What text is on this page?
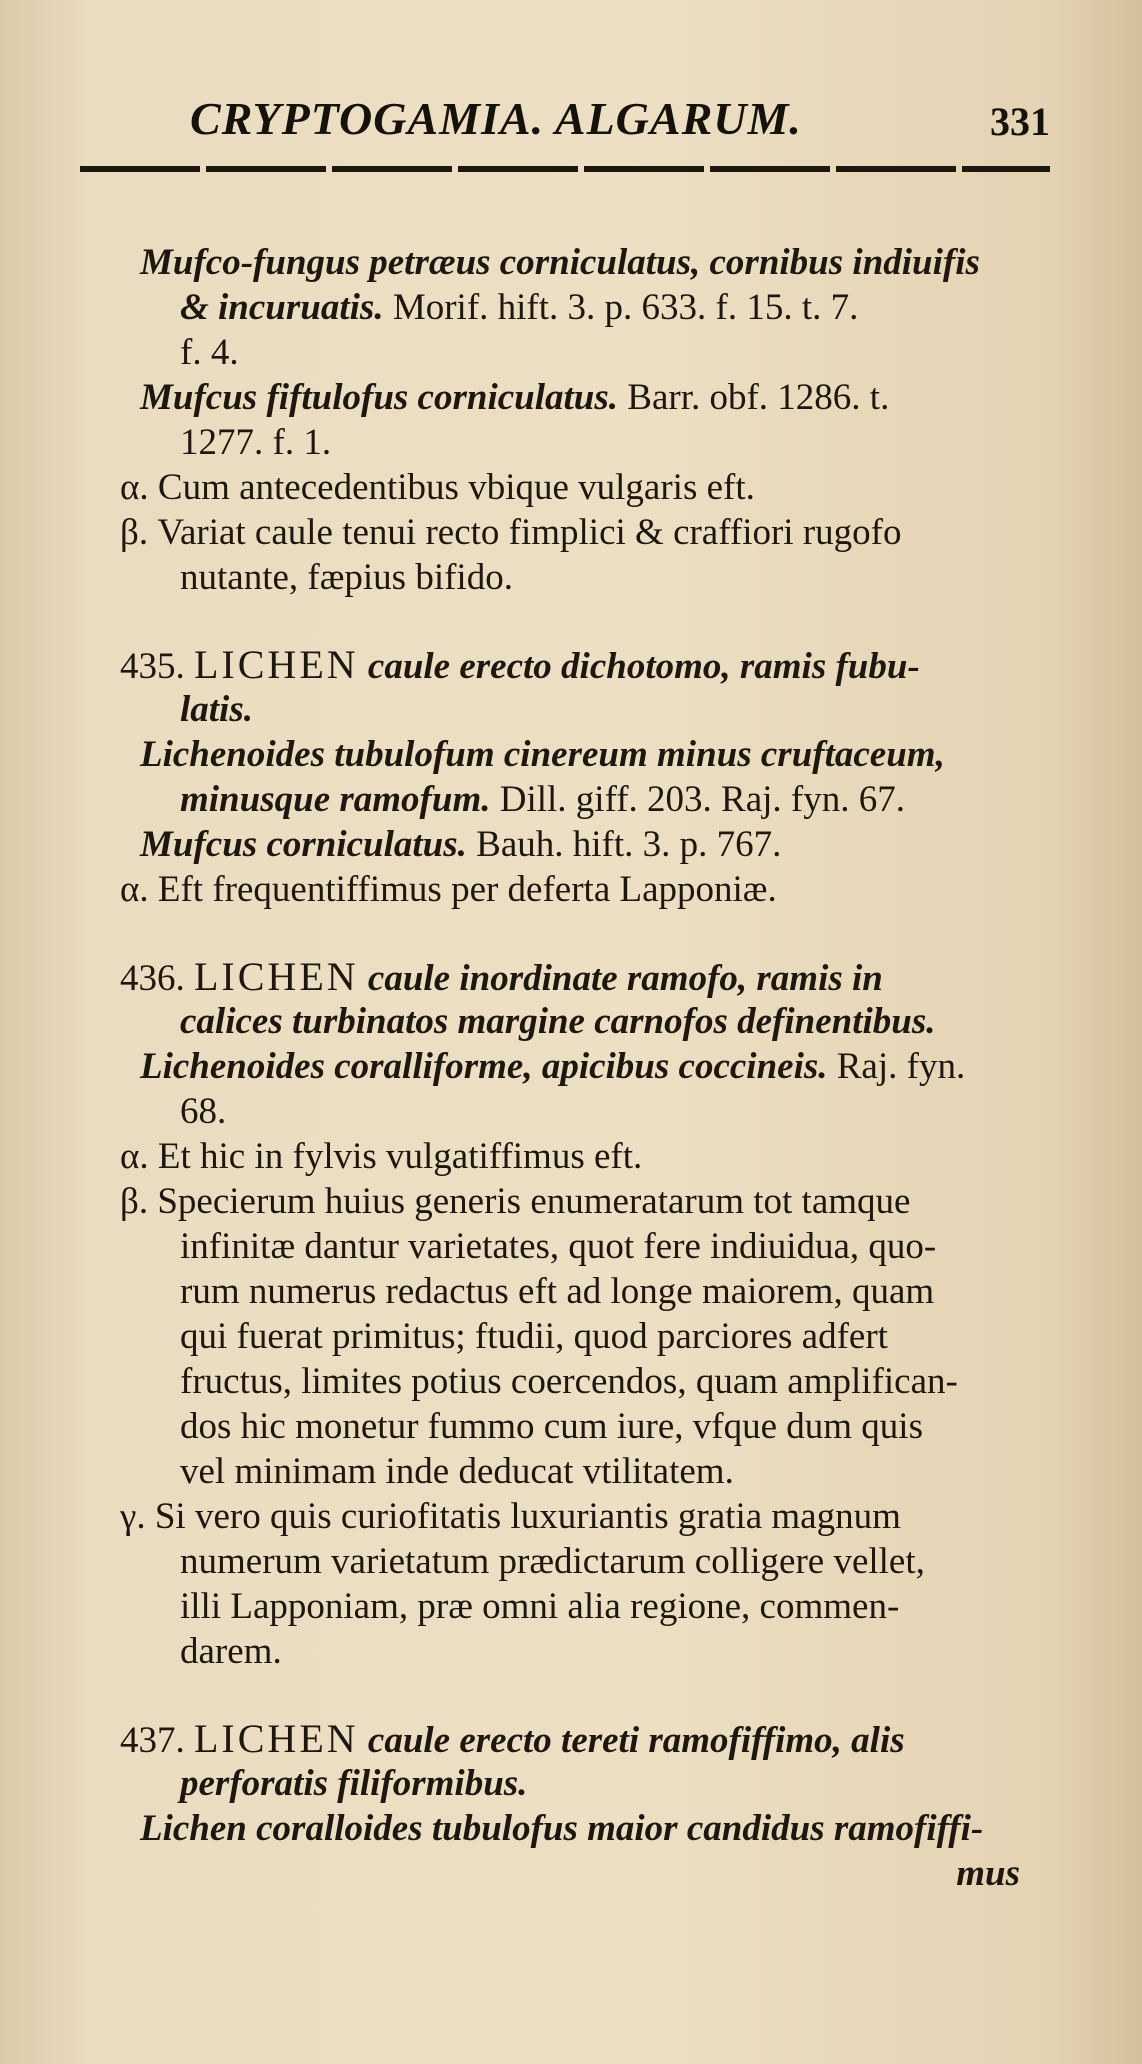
CRYPTOGAMIA. ALGARUM.	331
Mufco-fungus petræus corniculatus, cornibus indiuifis
& incuruatis. Morif. hift. 3. p. 633. f. 15. t. 7.
f. 4.
Mufcus fiftulofus corniculatus. Barr. obf. 1286. t.
1277. f. 1.
α. Cum antecedentibus vbique vulgaris eft.
β. Variat caule tenui recto fimplici & craffiori rugofo
nutante, fæpius bifido.
435. LICHEN caule erecto dichotomo, ramis fubu-
latis.
Lichenoides tubulofum cinereum minus cruftaceum,
minusque ramofum. Dill. giff. 203. Raj. fyn. 67.
Mufcus corniculatus. Bauh. hift. 3. p. 767.
α. Eft frequentiffimus per deferta Lapponiæ.
436. LICHEN caule inordinate ramofo, ramis in
calices turbinatos margine carnofos definentibus.
Lichenoides coralliforme, apicibus coccineis. Raj. fyn.
68.
α. Et hic in fylvis vulgatiffimus eft.
β. Specierum huius generis enumeratarum tot tamque
infinitæ dantur varietates, quot fere indiuidua, quo-
rum numerus redactus eft ad longe maiorem, quam
qui fuerat primitus; ftudii, quod parciores adfert
fructus, limites potius coercendos, quam amplifican-
dos hic monetur fummo cum iure, vfque dum quis
vel minimam inde deducat vtilitatem.
γ. Si vero quis curiofitatis luxuriantis gratia magnum
numerum varietatum prædictarum colligere vellet,
illi Lapponiam, præ omni alia regione, commen-
darem.
437. LICHEN caule erecto tereti ramofiffimo, alis
perforatis filiformibus.
Lichen coralloides tubulofus maior candidus ramofiffi-
mus
